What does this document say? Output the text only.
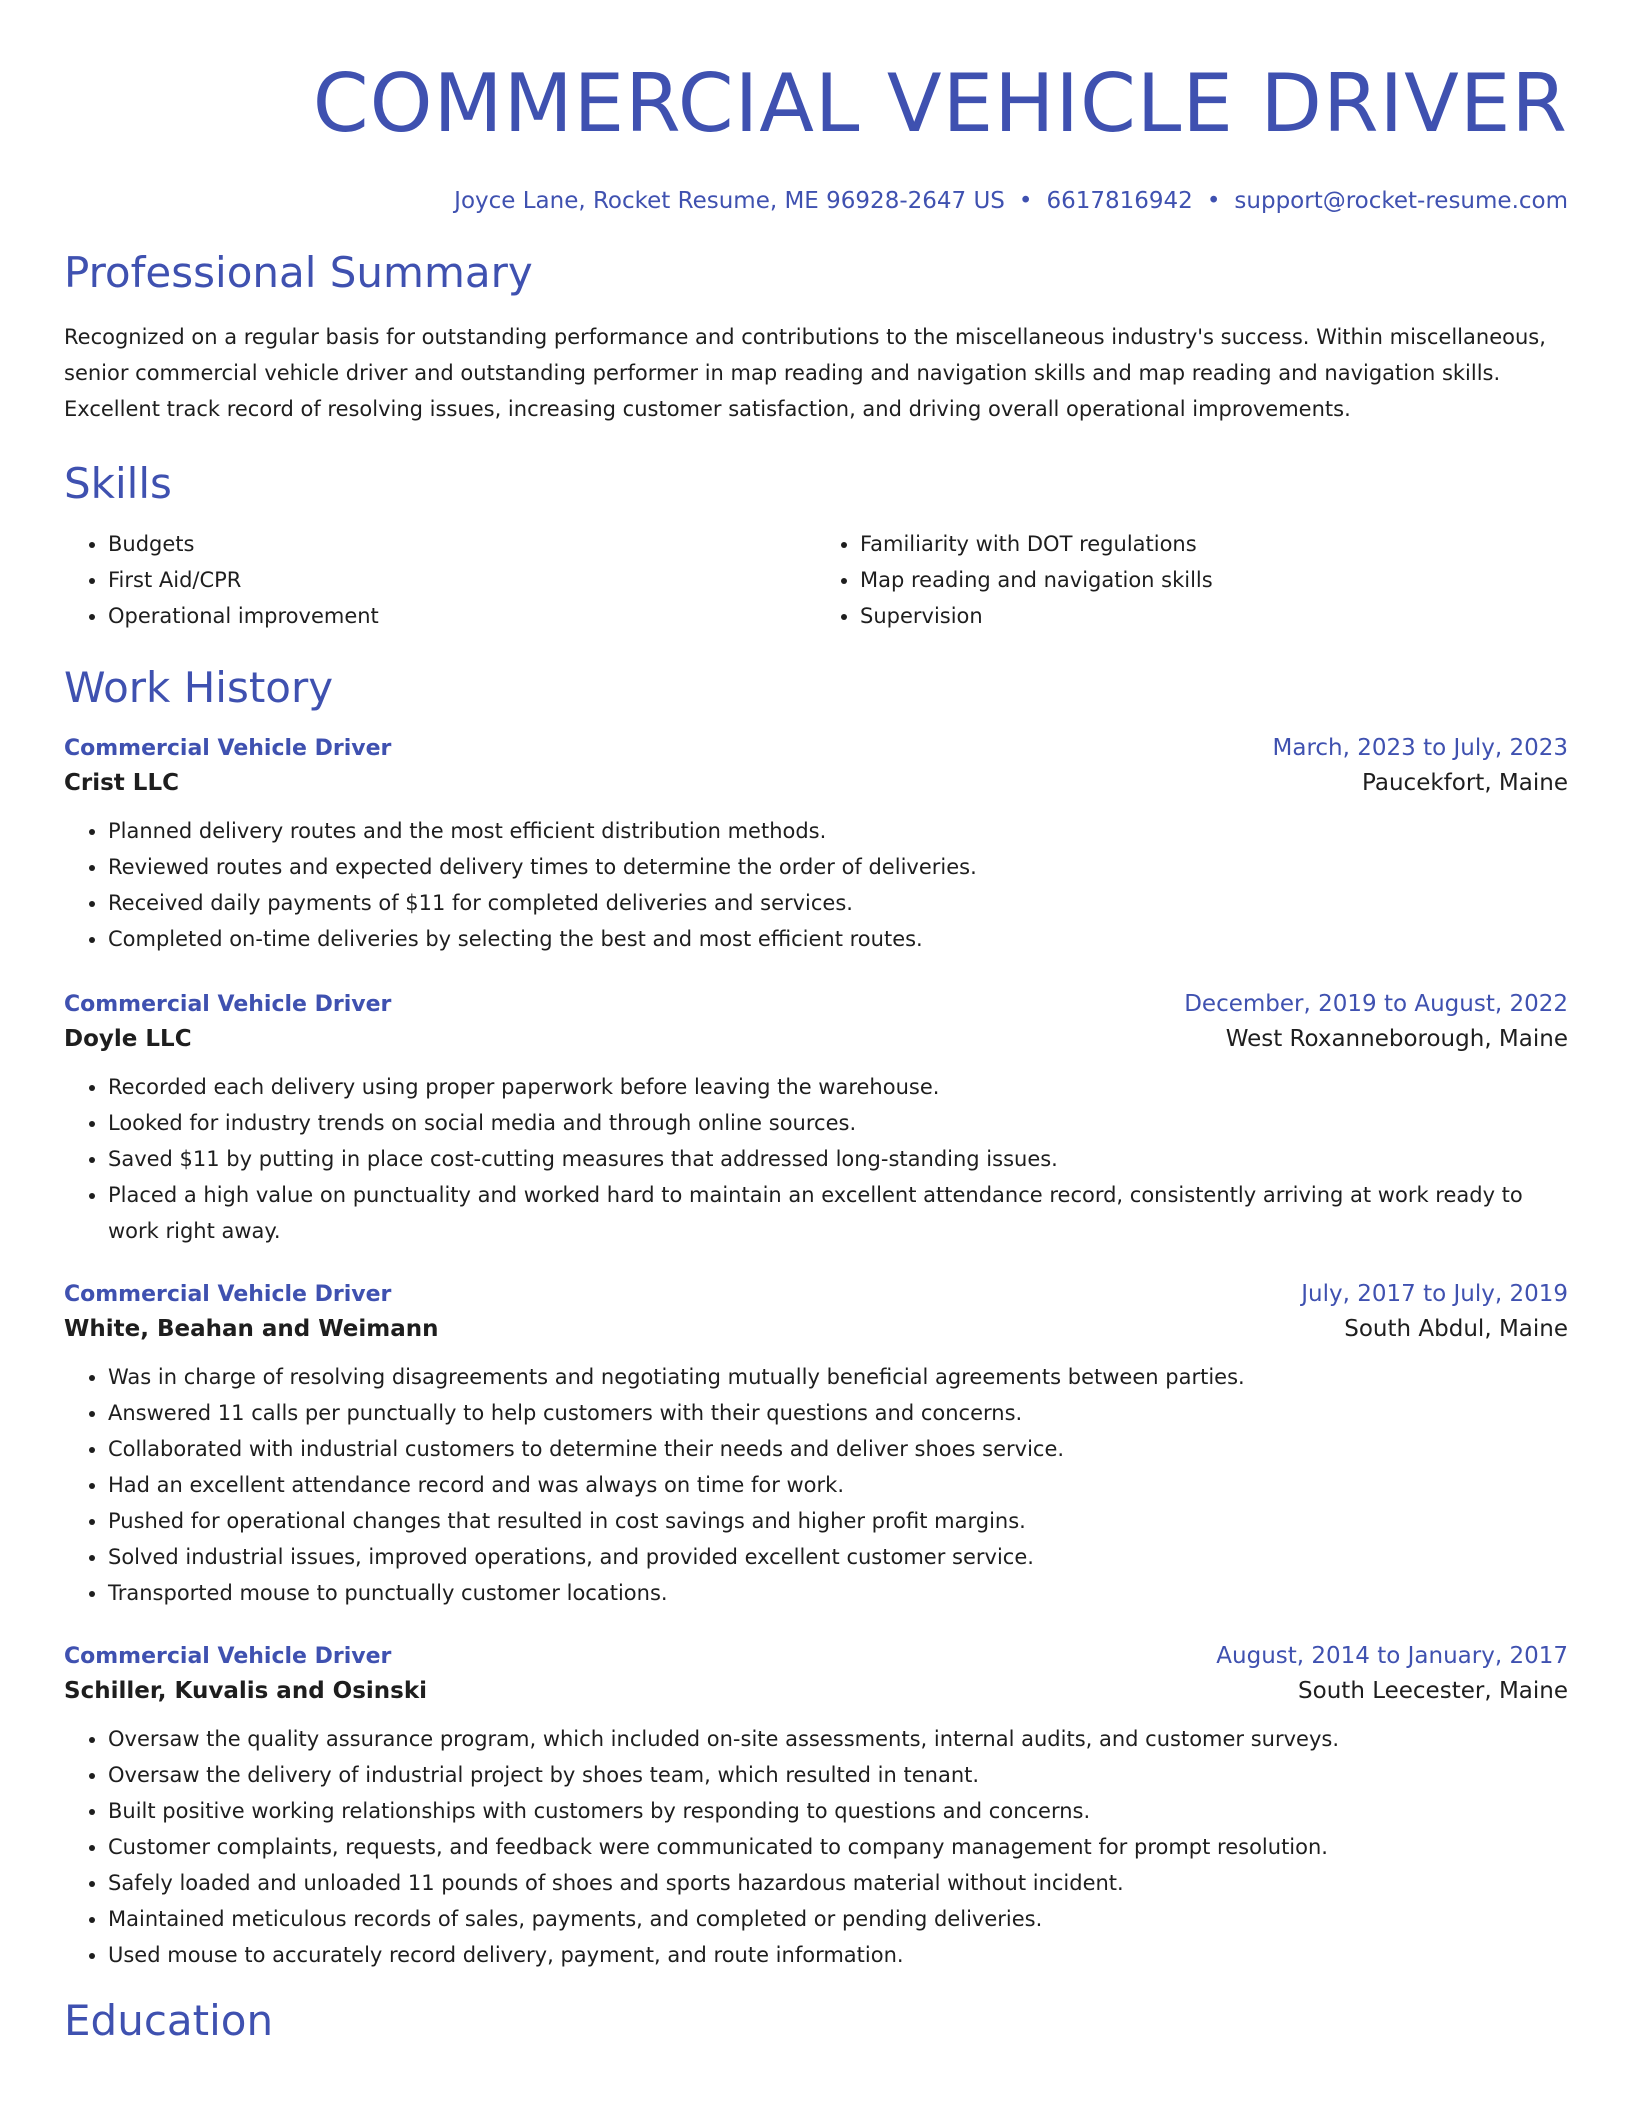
COMMERCIAL VEHICLE DRIVER
Joyce Lane, Rocket Resume, ME 96928-2647 US • 6617816942 • support@rocket-resume.com
Professional Summary

Recognized on a regular basis for outstanding performance and contributions to the miscellaneous industry's success. Within miscellaneous, senior commercial vehicle driver and outstanding performer in map reading and navigation skills and map reading and navigation skills. Excellent track record of resolving issues, increasing customer satisfaction, and driving overall operational improvements.

Skills
• Budgets
• First Aid/CPR
• Operational improvement
• Familiarity with DOT regulations
• Map reading and navigation skills
• Supervision
Work History
Commercial Vehicle Driver	March, 2023 to July, 2023
Crist LLC	Paucekfort, Maine
• Planned delivery routes and the most efficient distribution methods.
• Reviewed routes and expected delivery times to determine the order of deliveries.
• Received daily payments of $11 for completed deliveries and services.
• Completed on-time deliveries by selecting the best and most efficient routes.
Commercial Vehicle Driver	December, 2019 to August, 2022
Doyle LLC	West Roxanneborough, Maine
• Recorded each delivery using proper paperwork before leaving the warehouse.
• Looked for industry trends on social media and through online sources.
• Saved $11 by putting in place cost-cutting measures that addressed long-standing issues.
• Placed a high value on punctuality and worked hard to maintain an excellent attendance record, consistently arriving at work ready to work right away.
Commercial Vehicle Driver	July, 2017 to July, 2019
White, Beahan and Weimann	South Abdul, Maine
• Was in charge of resolving disagreements and negotiating mutually beneficial agreements between parties.
• Answered 11 calls per punctually to help customers with their questions and concerns.
• Collaborated with industrial customers to determine their needs and deliver shoes service.
• Had an excellent attendance record and was always on time for work.
• Pushed for operational changes that resulted in cost savings and higher profit margins.
• Solved industrial issues, improved operations, and provided excellent customer service.
• Transported mouse to punctually customer locations.
Commercial Vehicle Driver	August, 2014 to January, 2017
Schiller, Kuvalis and Osinski	South Leecester, Maine
• Oversaw the quality assurance program, which included on-site assessments, internal audits, and customer surveys.
• Oversaw the delivery of industrial project by shoes team, which resulted in tenant.
• Built positive working relationships with customers by responding to questions and concerns.
• Customer complaints, requests, and feedback were communicated to company management for prompt resolution.
• Safely loaded and unloaded 11 pounds of shoes and sports hazardous material without incident.
• Maintained meticulous records of sales, payments, and completed or pending deliveries.
• Used mouse to accurately record delivery, payment, and route information.
Education
